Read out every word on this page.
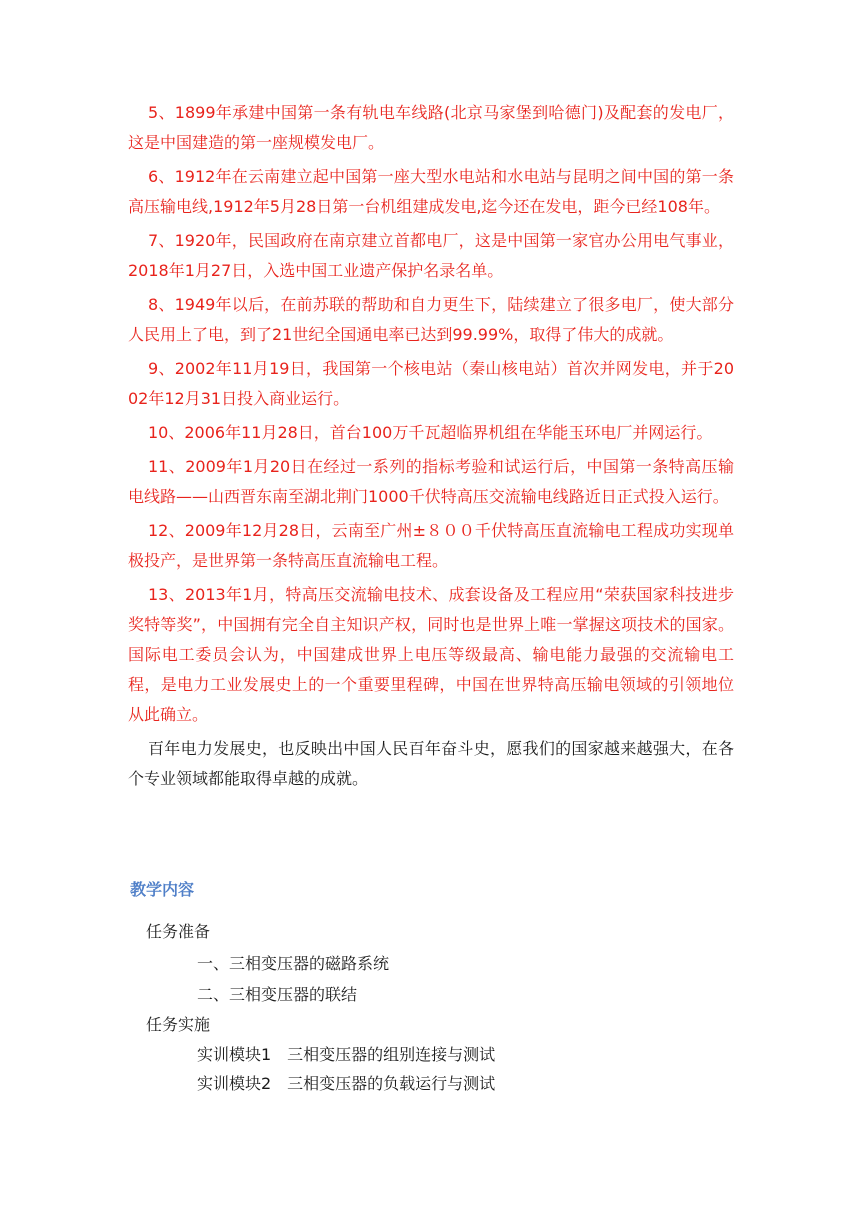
5、1899年承建中国第一条有轨电车线路(北京马家堡到哈德门)及配套的发电厂，这是中国建造的第一座规模发电厂。

6、1912年在云南建立起中国第一座大型水电站和水电站与昆明之间中国的第一条高压输电线,1912年5月28日第一台机组建成发电,迄今还在发电，距今已经108年。

7、1920年，民国政府在南京建立首都电厂，这是中国第一家官办公用电气事业， 2018年1月27日，入选中国工业遗产保护名录名单。

8、1949年以后，在前苏联的帮助和自力更生下，陆续建立了很多电厂，使大部分人民用上了电，到了21世纪全国通电率已达到99.99%，取得了伟大的成就。

9、2002年11月19日，我国第一个核电站（秦山核电站）首次并网发电，并于2002年12月31日投入商业运行。

10、2006年11月28日，首台100万千瓦超临界机组在华能玉环电厂并网运行。

11、2009年1月20日在经过一系列的指标考验和试运行后，中国第一条特高压输电线路——山西晋东南至湖北荆门1000千伏特高压交流输电线路近日正式投入运行。

12、2009年12月28日，云南至广州±８００千伏特高压直流输电工程成功实现单极投产，是世界第一条特高压直流输电工程。

13、2013年1月，特高压交流输电技术、成套设备及工程应用“荣获国家科技进步奖特等奖”，中国拥有完全自主知识产权，同时也是世界上唯一掌握这项技术的国家。国际电工委员会认为，中国建成世界上电压等级最高、输电能力最强的交流输电工程，是电力工业发展史上的一个重要里程碑，中国在世界特高压输电领域的引领地位从此确立。

百年电力发展史，也反映出中国人民百年奋斗史，愿我们的国家越来越强大，在各个专业领域都能取得卓越的成就。

教学内容

任务准备

一、三相变压器的磁路系统

二、三相变压器的联结

任务实施

实训模块1　三相变压器的组别连接与测试

实训模块2　三相变压器的负载运行与测试
